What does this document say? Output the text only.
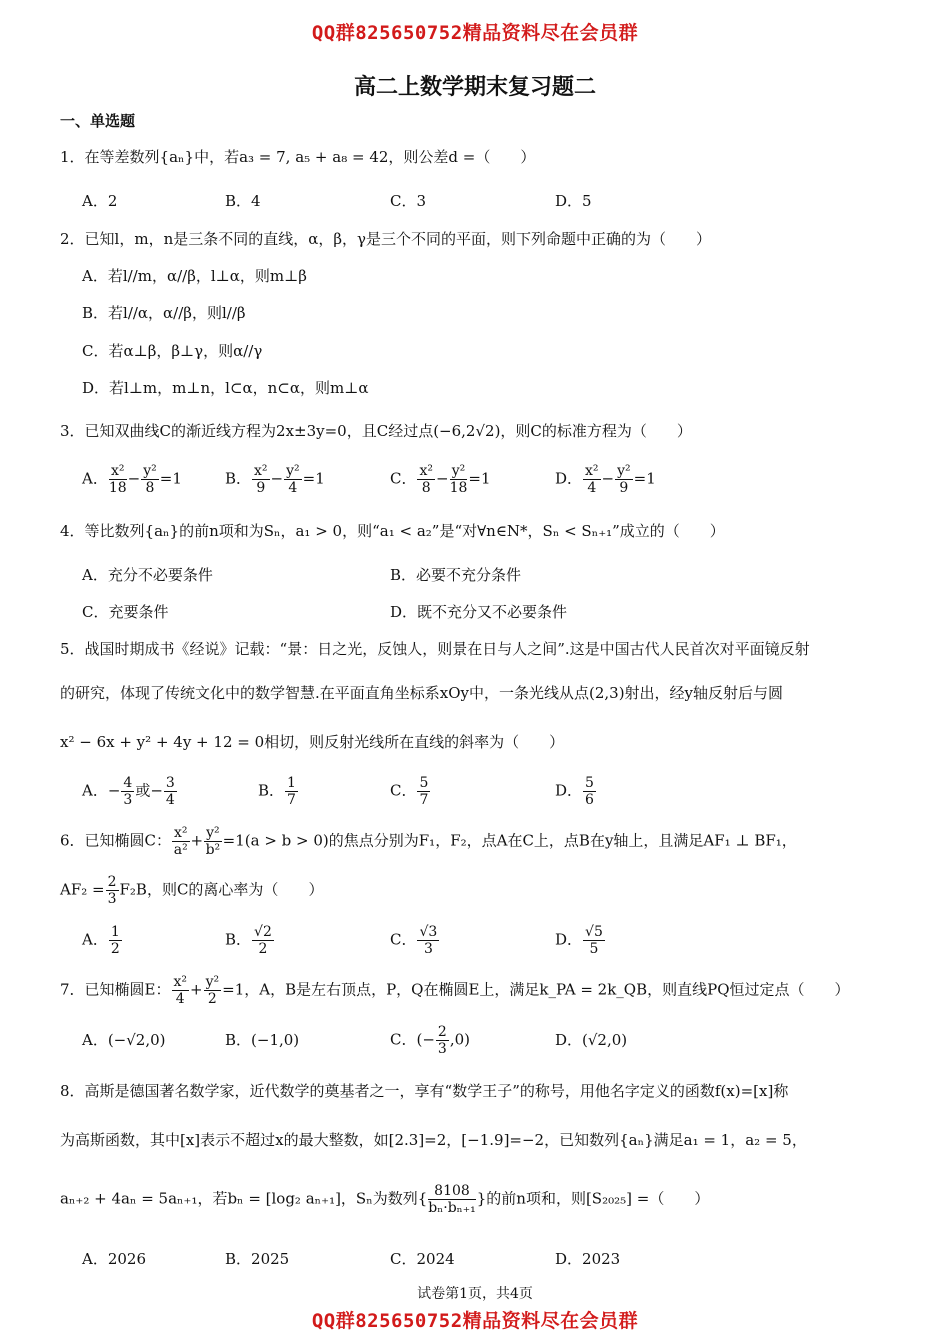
QQ群825650752精品资料尽在会员群
高二上数学期末复习题二
一、单选题
1．在等差数列{aₙ}中，若a₃ = 7, a₅ + a₈ = 42，则公差d =（　　）
A．2	B．4	C．3	D．5
2．已知l，m，n是三条不同的直线，α，β，γ是三个不同的平面，则下列命题中正确的为（　　）
A．若l//m，α//β，l⊥α，则m⊥β
B．若l//α，α//β，则l//β
C．若α⊥β，β⊥γ，则α//γ
D．若l⊥m，m⊥n，l⊂α，n⊂α，则m⊥α
3．已知双曲线C的渐近线方程为2x±3y=0，且C经过点(−6,2√2)，则C的标准方程为（　　）
A． $\frac{\text{x²}}{18} - \frac{\text{y²}}{8} =1$	B． $\frac{\text{x²}}{9} - \frac{\text{y²}}{4} =1$	C． $\frac{\text{x²}}{8} - \frac{\text{y²}}{18} =1$	D． $\frac{\text{x²}}{4} - \frac{\text{y²}}{9} =1$
4．等比数列{aₙ}的前n项和为Sₙ，a₁ > 0，则“a₁ < a₂”是“对∀n∈N*，Sₙ < Sₙ₊₁”成立的（　　）
A．充分不必要条件	B．必要不充分条件
C．充要条件	D．既不充分又不必要条件
5．战国时期成书《经说》记载：“景：日之光，反蚀人，则景在日与人之间”.这是中国古代人民首次对平面镜反射
的研究，体现了传统文化中的数学智慧.在平面直角坐标系xOy中，一条光线从点(2,3)射出，经y轴反射后与圆
x² − 6x + y² + 4y + 12 = 0相切，则反射光线所在直线的斜率为（　　）
A．− $\frac{4}{3}$ 或− $\frac{3}{4}$	B． $\frac{1}{7}$	C． $\frac{5}{7}$	D． $\frac{5}{6}$
6．已知椭圆C： $\frac{\text{x²}}{\text{a²}} + \frac{\text{y²}}{\text{b²}} =1(a > b > 0)$的焦点分别为F₁，F₂，点A在C上，点B在y轴上，且满足AF₁ ⊥ BF₁，
$AF_2 = \frac{2}{3} F_2B$，则C的离心率为（　　）
A． $\frac{1}{2}$	B． $\frac{√2}{2}$	C． $\frac{√3}{3}$	D． $\frac{√5}{5}$
7．已知椭圆E： $\frac{\text{x²}}{4} + \frac{\text{y²}}{2} =1$，A，B是左右顶点，P，Q在椭圆E上，满足k_PA = 2k_QB，则直线PQ恒过定点（　　）
A．(−√2,0)	B．(−1,0)	C．(− $\frac{2}{3} ,0$)	D．(√2,0)
8．高斯是德国著名数学家，近代数学的奠基者之一，享有“数学王子”的称号，用他名字定义的函数f(x)=[x]称
为高斯函数，其中[x]表示不超过x的最大整数，如[2.3]=2，[−1.9]=−2，已知数列{aₙ}满足a₁ = 1，a₂ = 5，
aₙ₊₂ + 4aₙ = 5aₙ₊₁，若bₙ = [log₂ aₙ₊₁]，Sₙ为数列{ $\frac{8108}{\text{bₙ·bₙ₊₁}}$ }的前n项和，则[S₂₀₂₅] =（　　）
A．2026	B．2025	C．2024	D．2023
试卷第1页，共4页
QQ群825650752精品资料尽在会员群
